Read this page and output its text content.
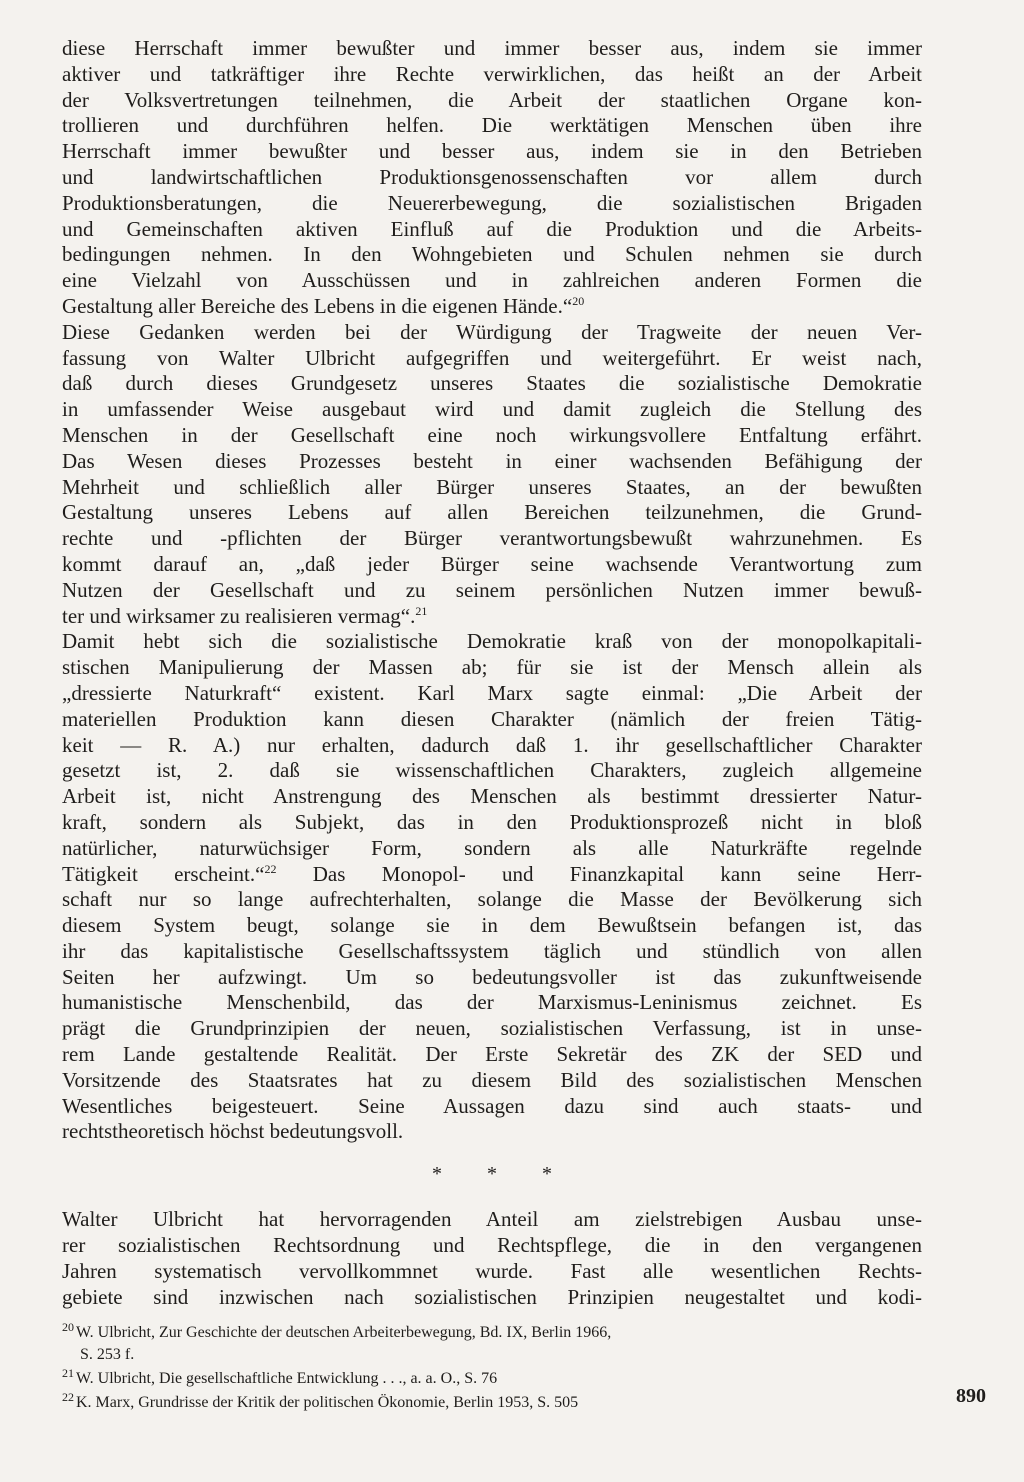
diese Herrschaft immer bewußter und immer besser aus, indem sie immer
aktiver und tatkräftiger ihre Rechte verwirklichen, das heißt an der Arbeit
der Volksvertretungen teilnehmen, die Arbeit der staatlichen Organe kon-
trollieren und durchführen helfen. Die werktätigen Menschen üben ihre
Herrschaft immer bewußter und besser aus, indem sie in den Betrieben
und landwirtschaftlichen Produktionsgenossenschaften vor allem durch
Produktionsberatungen, die Neuererbewegung, die sozialistischen Brigaden
und Gemeinschaften aktiven Einfluß auf die Produktion und die Arbeits-
bedingungen nehmen. In den Wohngebieten und Schulen nehmen sie durch
eine Vielzahl von Ausschüssen und in zahlreichen anderen Formen die
Gestaltung aller Bereiche des Lebens in die eigenen Hände.“$^{20}$

Diese Gedanken werden bei der Würdigung der Tragweite der neuen Ver-
fassung von Walter Ulbricht aufgegriffen und weitergeführt. Er weist nach,
daß durch dieses Grundgesetz unseres Staates die sozialistische Demokratie
in umfassender Weise ausgebaut wird und damit zugleich die Stellung des
Menschen in der Gesellschaft eine noch wirkungsvollere Entfaltung erfährt.
Das Wesen dieses Prozesses besteht in einer wachsenden Befähigung der
Mehrheit und schließlich aller Bürger unseres Staates, an der bewußten
Gestaltung unseres Lebens auf allen Bereichen teilzunehmen, die Grund-
rechte und -pflichten der Bürger verantwortungsbewußt wahrzunehmen. Es
kommt darauf an, „daß jeder Bürger seine wachsende Verantwortung zum
Nutzen der Gesellschaft und zu seinem persönlichen Nutzen immer bewuß-
ter und wirksamer zu realisieren vermag“.$^{21}$

Damit hebt sich die sozialistische Demokratie kraß von der monopolkapitali-
stischen Manipulierung der Massen ab; für sie ist der Mensch allein als
„dressierte Naturkraft“ existent. Karl Marx sagte einmal: „Die Arbeit der
materiellen Produktion kann diesen Charakter (nämlich der freien Tätig-
keit — R. A.) nur erhalten, dadurch daß 1. ihr gesellschaftlicher Charakter
gesetzt ist, 2. daß sie wissenschaftlichen Charakters, zugleich allgemeine
Arbeit ist, nicht Anstrengung des Menschen als bestimmt dressierter Natur-
kraft, sondern als Subjekt, das in den Produktionsprozeß nicht in bloß
natürlicher, naturwüchsiger Form, sondern als alle Naturkräfte regelnde
Tätigkeit erscheint.“$^{22}$ Das Monopol- und Finanzkapital kann seine Herr-
schaft nur so lange aufrechterhalten, solange die Masse der Bevölkerung sich
diesem System beugt, solange sie in dem Bewußtsein befangen ist, das
ihr das kapitalistische Gesellschaftssystem täglich und stündlich von allen
Seiten her aufzwingt. Um so bedeutungsvoller ist das zukunftweisende
humanistische Menschenbild, das der Marxismus-Leninismus zeichnet. Es
prägt die Grundprinzipien der neuen, sozialistischen Verfassung, ist in unse-
rem Lande gestaltende Realität. Der Erste Sekretär des ZK der SED und
Vorsitzende des Staatsrates hat zu diesem Bild des sozialistischen Menschen
Wesentliches beigesteuert. Seine Aussagen dazu sind auch staats- und
rechtstheoretisch höchst bedeutungsvoll.

* * *

Walter Ulbricht hat hervorragenden Anteil am zielstrebigen Ausbau unse-
rer sozialistischen Rechtsordnung und Rechtspflege, die in den vergangenen
Jahren systematisch vervollkommnet wurde. Fast alle wesentlichen Rechts-
gebiete sind inzwischen nach sozialistischen Prinzipien neugestaltet und kodi-

$^{20}$ W. Ulbricht, Zur Geschichte der deutschen Arbeiterbewegung, Bd. IX, Berlin 1966,
S. 253 f.
$^{21}$ W. Ulbricht, Die gesellschaftliche Entwicklung . . ., a. a. O., S. 76
$^{22}$ K. Marx, Grundrisse der Kritik der politischen Ökonomie, Berlin 1953, S. 505	890
